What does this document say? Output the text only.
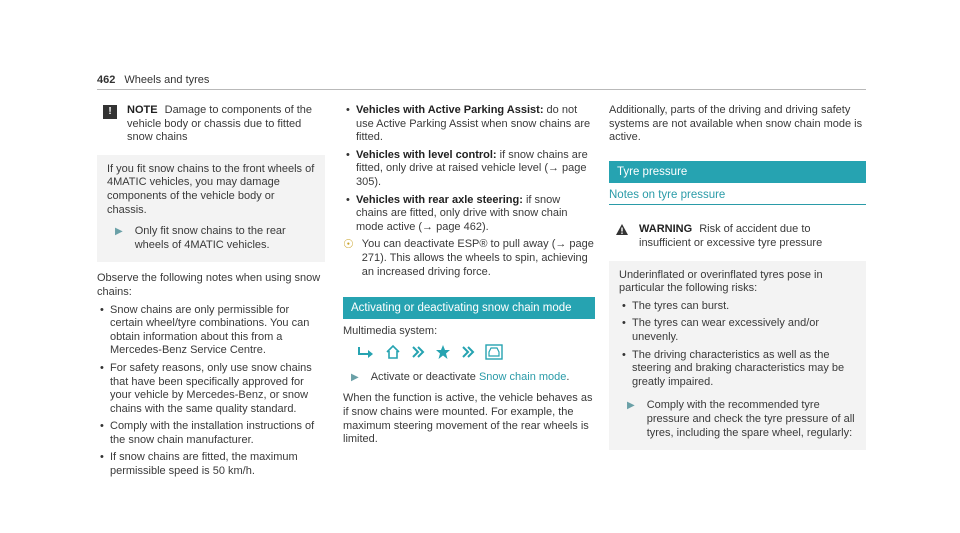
462 Wheels and tyres
!	NOTE Damage to components of the vehicle body or chassis due to fitted snow chains

If you fit snow chains to the front wheels of 4MATIC vehicles, you may damage components of the vehicle body or chassis.

▶	Only fit snow chains to the rear wheels of 4MATIC vehicles.

Observe the following notes when using snow chains:

• Snow chains are only permissible for certain wheel/tyre combinations. You can obtain information about this from a Mercedes-Benz Service Centre.
• For safety reasons, only use snow chains that have been specifically approved for your vehicle by Mercedes-Benz, or snow chains with the same quality standard.
• Comply with the installation instructions of the snow chain manufacturer.
• If snow chains are fitted, the maximum permissible speed is 50 km/h.
• Vehicles with Active Parking Assist: do not use Active Parking Assist when snow chains are fitted.
• Vehicles with level control: if snow chains are fitted, only drive at raised vehicle level (→ page 305).
• Vehicles with rear axle steering: if snow chains are fitted, only drive with snow chain mode active (→ page 462).
☉ You can deactivate ESP® to pull away (→ page 271). This allows the wheels to spin, achieving an increased driving force.
Activating or deactivating snow chain mode

Multimedia system:

▶	Activate or deactivate Snow chain mode.

When the function is active, the vehicle behaves as if snow chains were mounted. For example, the maximum steering movement of the rear wheels is limited.

Additionally, parts of the driving and driving safety systems are not available when snow chain mode is active.

Tyre pressure
Notes on tyre pressure
WARNING Risk of accident due to insufficient or excessive tyre pressure

Underinflated or overinflated tyres pose in particular the following risks:

• The tyres can burst.
• The tyres can wear excessively and/or unevenly.
• The driving characteristics as well as the steering and braking characteristics may be greatly impaired.
▶	Comply with the recommended tyre pressure and check the tyre pressure of all tyres, including the spare wheel, regularly:
